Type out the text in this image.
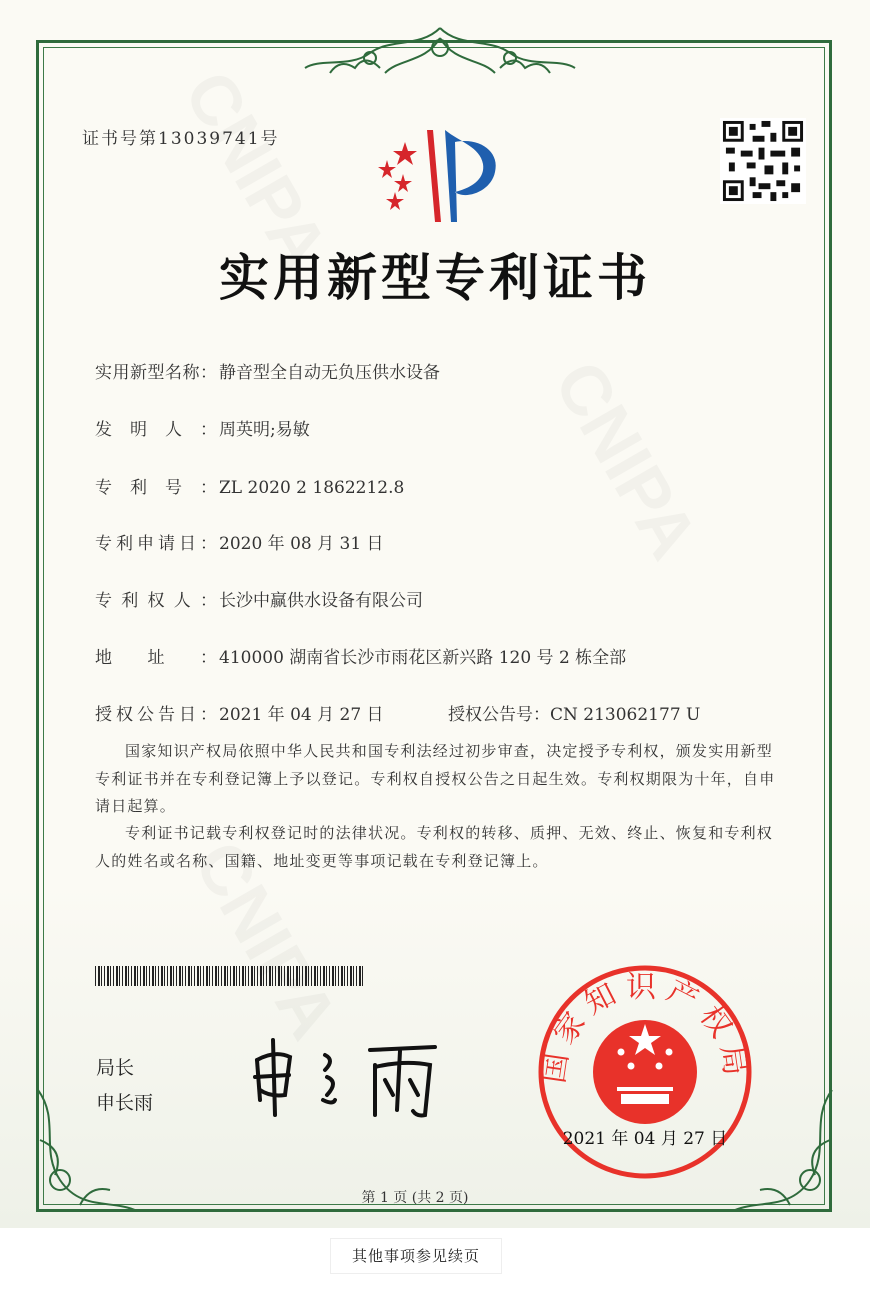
证书号第13039741号
实用新型专利证书
实用新型名称： 静音型全自动无负压供水设备
发明人： 周英明;易敏
专利号： ZL 2020 2 1862212.8
专利申请日： 2020 年 08 月 31 日
专利权人： 长沙中赢供水设备有限公司
地址： 410000 湖南省长沙市雨花区新兴路 120 号 2 栋全部
授权公告日： 2021 年 04 月 27 日	授权公告号：CN 213062177 U
国家知识产权局依照中华人民共和国专利法经过初步审查，决定授予专利权，颁发实用新型专利证书并在专利登记簿上予以登记。专利权自授权公告之日起生效。专利权期限为十年，自申请日起算。
专利证书记载专利权登记时的法律状况。专利权的转移、质押、无效、终止、恢复和专利权人的姓名或名称、国籍、地址变更等事项记载在专利登记簿上。
局长
申长雨
国家知识产权局
2021 年 04 月 27 日
第 1 页 (共 2 页)
其他事项参见续页
